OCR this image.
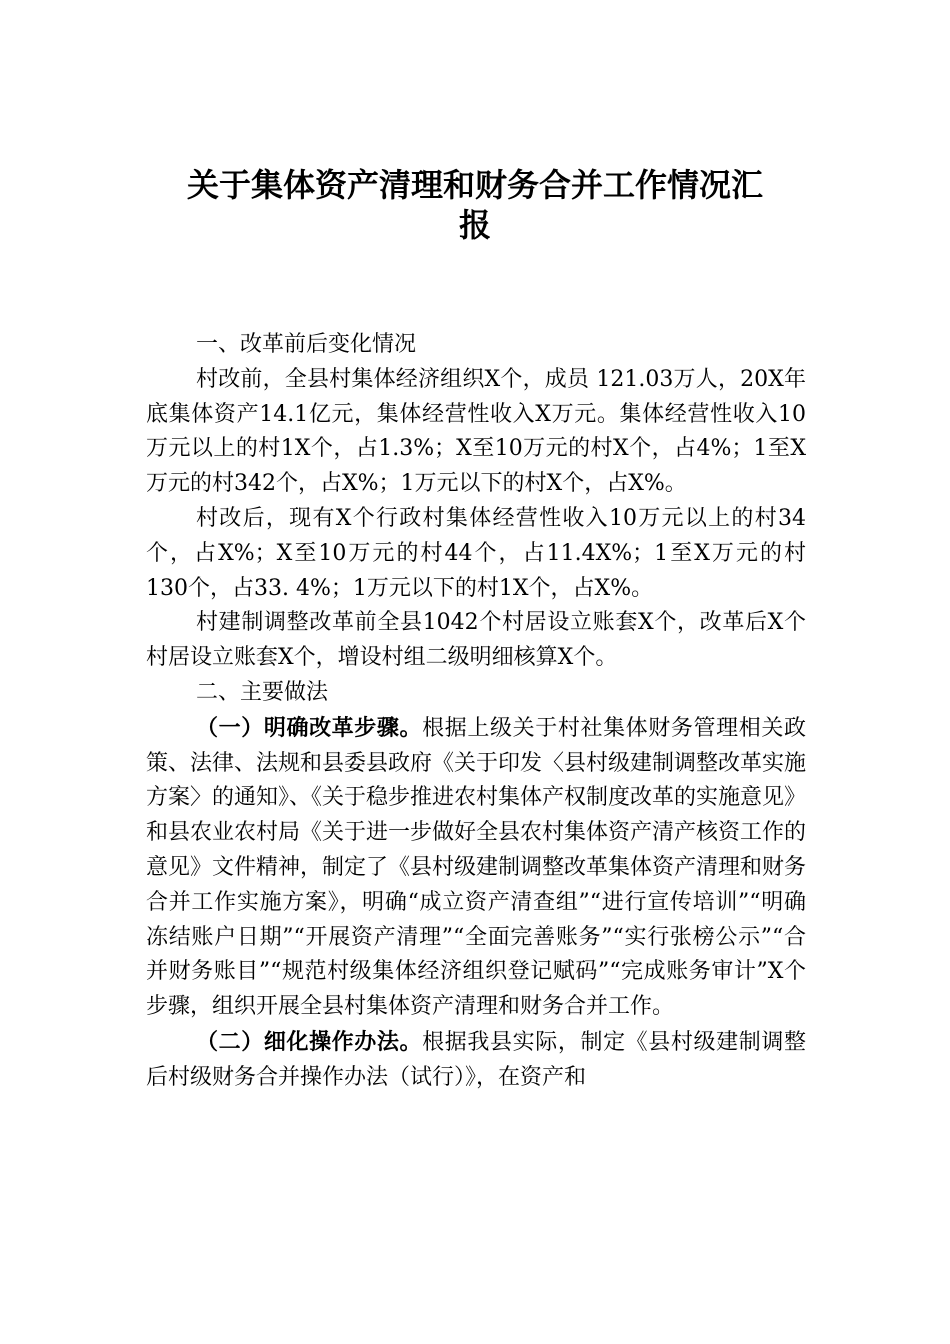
关于集体资产清理和财务合并工作情况汇
报

一、改革前后变化情况

村改前，全县村集体经济组织X个，成员 121.03万人，20X年底集体资产14.1亿元，集体经营性收入X万元。集体经营性收入10万元以上的村1X个，占1.3%；X至10万元的村X个，占4%；1至X万元的村342个，占X%；1万元以下的村X个，占X%。

村改后，现有X个行政村集体经营性收入10万元以上的村34个，占X%；X至10万元的村44个，占11.4X%；1至X万元的村130个，占33. 4%；1万元以下的村1X个，占X%。

村建制调整改革前全县1042个村居设立账套X个，改革后X个村居设立账套X个，增设村组二级明细核算X个。

二、主要做法

（一）明确改革步骤。根据上级关于村社集体财务管理相关政策、法律、法规和县委县政府《关于印发〈县村级建制调整改革实施方案〉的通知》、《关于稳步推进农村集体产权制度改革的实施意见》和县农业农村局《关于进一步做好全县农村集体资产清产核资工作的意见》文件精神，制定了《县村级建制调整改革集体资产清理和财务合并工作实施方案》，明确“成立资产清查组”“进行宣传培训”“明确冻结账户日期”“开展资产清理”“全面完善账务”“实行张榜公示”“合并财务账目”“规范村级集体经济组织登记赋码”“完成账务审计”X个步骤，组织开展全县村集体资产清理和财务合并工作。

（二）细化操作办法。根据我县实际，制定《县村级建制调整后村级财务合并操作办法（试行）》，在资产和
